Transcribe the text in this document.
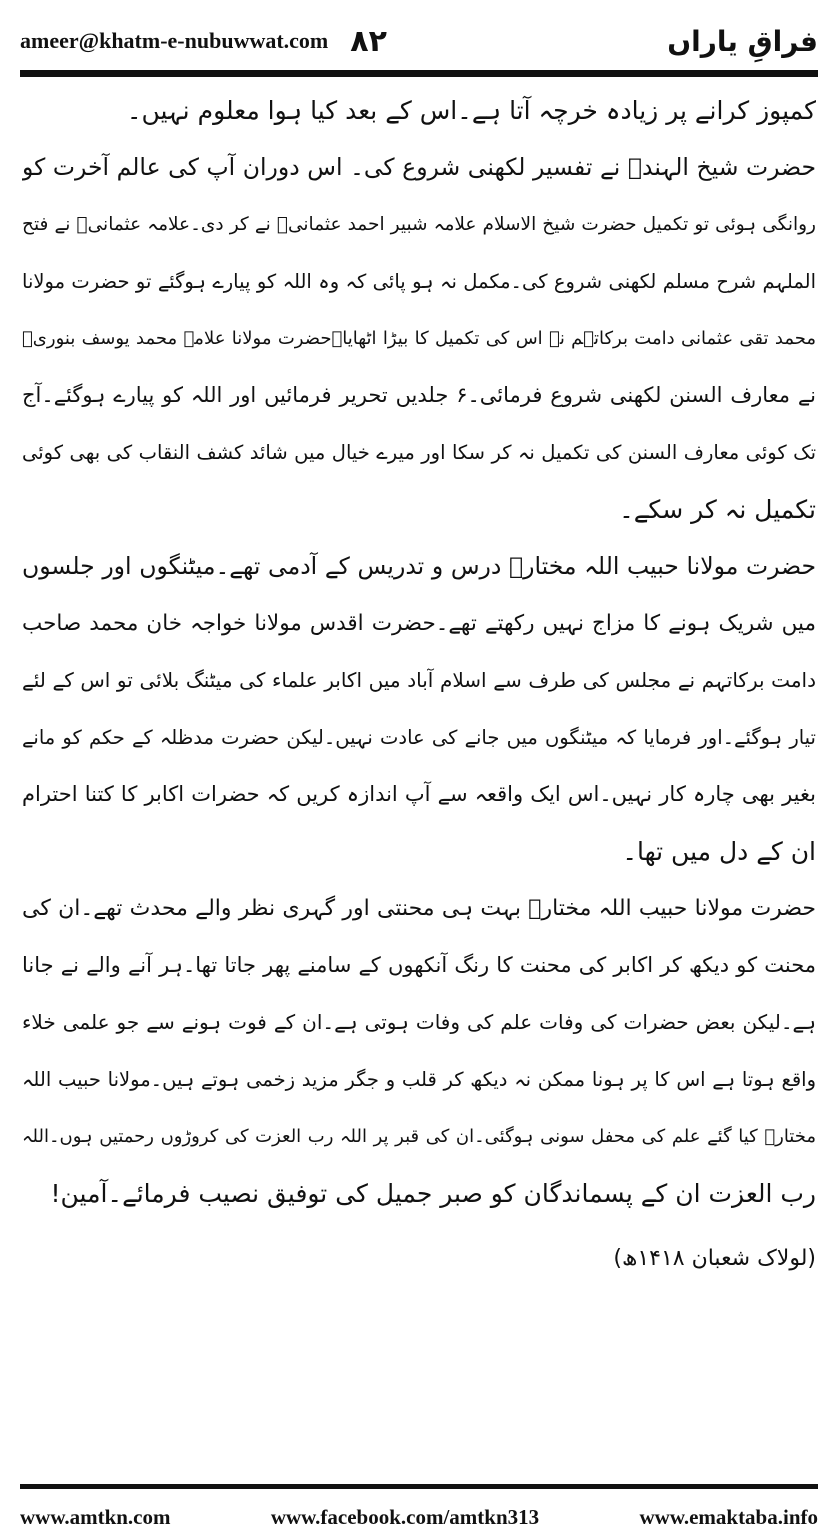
ameer@khatm-e-nubuwwat.com ۸۲	فراقِ یاراں
کمپوز کرانے پر زیادہ خرچہ آتا ہے۔اس کے بعد کیا ہوا معلوم نہیں۔
حضرت شیخ الہندؒ نے تفسیر لکھنی شروع کی۔ اس دوران آپ کی عالم آخرت کو
روانگی ہوئی تو تکمیل حضرت شیخ الاسلام علامہ شبیر احمد عثمانیؒ نے کر دی۔علامہ عثمانیؒ نے فتح
الملہم شرح مسلم لکھنی شروع کی۔مکمل نہ ہو پائی کہ وہ اللہ کو پیارے ہوگئے تو حضرت مولانا
محمد تقی عثمانی دامت برکاتہم نے اس کی تکمیل کا بیڑا اٹھایا۔حضرت مولانا علامہ محمد یوسف بنوریؒ
نے معارف السنن لکھنی شروع فرمائی۔۶ جلدیں تحریر فرمائیں اور اللہ کو پیارے ہوگئے۔آج
تک کوئی معارف السنن کی تکمیل نہ کر سکا اور میرے خیال میں شائد کشف النقاب کی بھی کوئی
تکمیل نہ کر سکے۔
حضرت مولانا حبیب اللہ مختارؒ درس و تدریس کے آدمی تھے۔میٹنگوں اور جلسوں
میں شریک ہونے کا مزاج نہیں رکھتے تھے۔حضرت اقدس مولانا خواجہ خان محمد صاحب
دامت برکاتہم نے مجلس کی طرف سے اسلام آباد میں اکابر علماء کی میٹنگ بلائی تو اس کے لئے
تیار ہوگئے۔اور فرمایا کہ میٹنگوں میں جانے کی عادت نہیں۔لیکن حضرت مدظلہ کے حکم کو مانے
بغیر بھی چارہ کار نہیں۔اس ایک واقعہ سے آپ اندازہ کریں کہ حضرات اکابر کا کتنا احترام
ان کے دل میں تھا۔
حضرت مولانا حبیب اللہ مختارؒ بہت ہی محنتی اور گہری نظر والے محدث تھے۔ان کی
محنت کو دیکھ کر اکابر کی محنت کا رنگ آنکھوں کے سامنے پھر جاتا تھا۔ہر آنے والے نے جانا
ہے۔لیکن بعض حضرات کی وفات علم کی وفات ہوتی ہے۔ان کے فوت ہونے سے جو علمی خلاء
واقع ہوتا ہے اس کا پر ہونا ممکن نہ دیکھ کر قلب و جگر مزید زخمی ہوتے ہیں۔مولانا حبیب اللہ
مختارؒ کیا گئے علم کی محفل سونی ہوگئی۔ان کی قبر پر اللہ رب العزت کی کروڑوں رحمتیں ہوں۔اللہ
رب العزت ان کے پسماندگان کو صبر جمیل کی توفیق نصیب فرمائے۔آمین!
(لولاک شعبان ۱۴۱۸ھ)
www.amtkn.com	www.facebook.com/amtkn313	www.emaktaba.info
